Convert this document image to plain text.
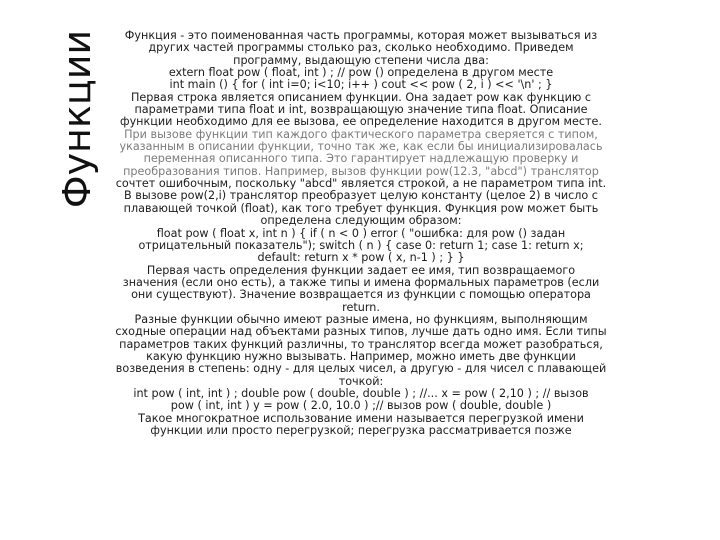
Функции	Функция - это поименованная часть программы, которая может вызываться из
других частей программы столько раз, сколько необходимо. Приведем
программу, выдающую степени числа два:
extern float pow ( float, int ) ; // pow () определена в другом месте
int main () { for ( int i=0; i<10; i++ ) cout << pow ( 2, i ) << '\n' ; }
Первая строка является описанием функции. Она задает pow как функцию с
параметрами типа float и int, возвращающую значение типа float. Описание
функции необходимо для ее вызова, ее определение находится в другом месте.
При вызове функции тип каждого фактического параметра сверяется с типом,
указанным в описании функции, точно так же, как если бы инициализировалась
переменная описанного типа. Это гарантирует надлежащую проверку и
преобразования типов. Например, вызов функции pow(12.3, "abcd") транслятор
сочтет ошибочным, поскольку "abcd" является строкой, а не параметром типа int.
В вызове pow(2,i) транслятор преобразует целую константу (целое 2) в число с
плавающей точкой (float), как того требует функция. Функция pow может быть
определена следующим образом:
float pow ( float x, int n ) { if ( n < 0 ) error ( "ошибка: для pow () задан
отрицательный показатель"); switch ( n ) { case 0: return 1; case 1: return x;
default: return x * pow ( x, n-1 ) ; } }
Первая часть определения функции задает ее имя, тип возвращаемого
значения (если оно есть), а также типы и имена формальных параметров (если
они существуют). Значение возвращается из функции с помощью оператора
return.
Разные функции обычно имеют разные имена, но функциям, выполняющим
сходные операции над объектами разных типов, лучше дать одно имя. Если типы
параметров таких функций различны, то транслятор всегда может разобраться,
какую функцию нужно вызывать. Например, можно иметь две функции
возведения в степень: одну - для целых чисел, а другую - для чисел с плавающей
точкой:
int pow ( int, int ) ; double pow ( double, double ) ; //... x = pow ( 2,10 ) ; // вызов
pow ( int, int ) y = pow ( 2.0, 10.0 ) ;// вызов pow ( double, double )
Такое многократное использование имени называется перегрузкой имени
функции или просто перегрузкой; перегрузка рассматривается позже
